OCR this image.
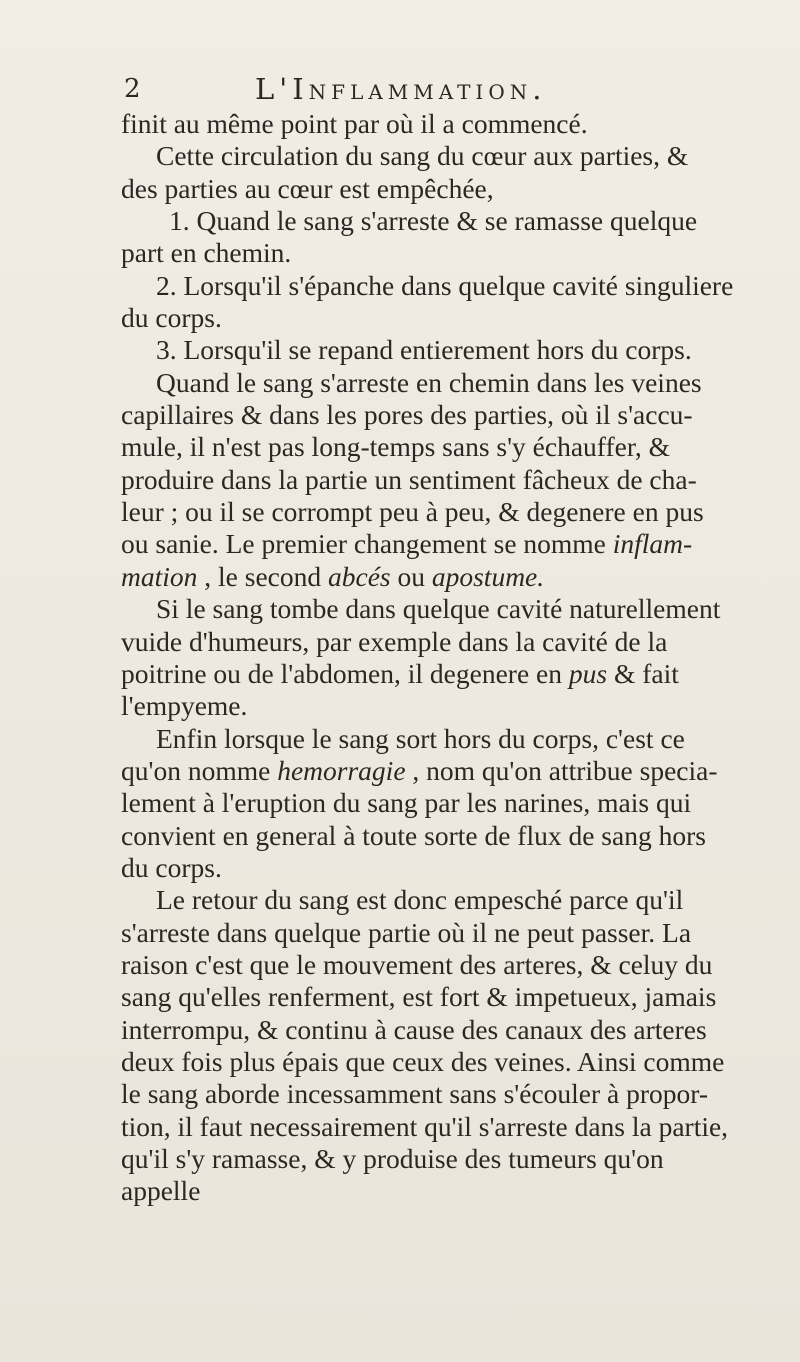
2	L'Inflammation.
finit au même point par où il a commencé.
Cette circulation du sang du cœur aux parties, &
des parties au cœur est empêchée,
1. Quand le sang s'arreste & se ramasse quelque
part en chemin.
2. Lorsqu'il s'épanche dans quelque cavité singuliere
du corps.
3. Lorsqu'il se repand entierement hors du corps.
Quand le sang s'arreste en chemin dans les veines
capillaires & dans les pores des parties, où il s'accu-
mule, il n'est pas long-temps sans s'y échauffer, &
produire dans la partie un sentiment fâcheux de cha-
leur ; ou il se corrompt peu à peu, & degenere en pus
ou sanie. Le premier changement se nomme inflam-
mation , le second abcés ou apostume.
Si le sang tombe dans quelque cavité naturellement
vuide d'humeurs, par exemple dans la cavité de la
poitrine ou de l'abdomen, il degenere en pus & fait
l'empyeme.
Enfin lorsque le sang sort hors du corps, c'est ce
qu'on nomme hemorragie , nom qu'on attribue specia-
lement à l'eruption du sang par les narines, mais qui
convient en general à toute sorte de flux de sang hors
du corps.
Le retour du sang est donc empesché parce qu'il
s'arreste dans quelque partie où il ne peut passer. La
raison c'est que le mouvement des arteres, & celuy du
sang qu'elles renferment, est fort & impetueux, jamais
interrompu, & continu à cause des canaux des arteres
deux fois plus épais que ceux des veines. Ainsi comme
le sang aborde incessamment sans s'écouler à propor-
tion, il faut necessairement qu'il s'arreste dans la partie,
qu'il s'y ramasse, & y produise des tumeurs qu'on
appelle
